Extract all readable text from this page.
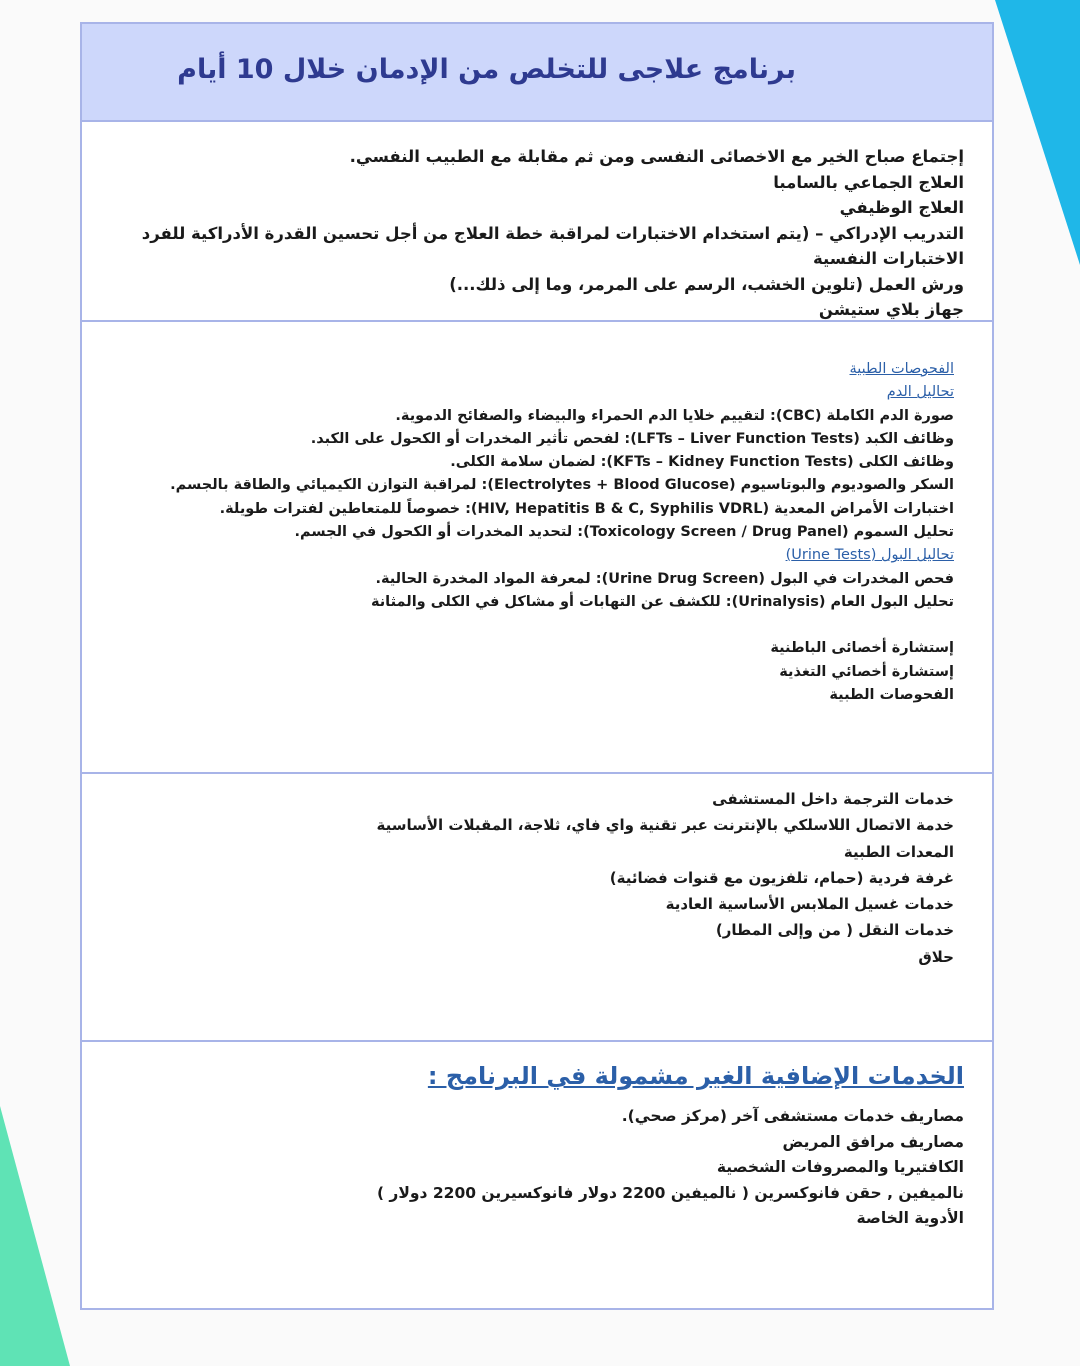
برنامج علاجى للتخلص من الإدمان خلال 10 أيام
إجتماع صباح الخير مع الاخصائى النفسى ومن ثم مقابلة مع الطبيب النفسي.
العلاج الجماعي بالسامبا
العلاج الوظيفي
التدريب الإدراكي – (يتم استخدام الاختبارات لمراقبة خطة العلاج من أجل تحسين القدرة الأدراكية للفرد
الاختبارات النفسية
ورش العمل (تلوين الخشب، الرسم على المرمر، وما إلى ذلك...)
جهاز بلاي ستيشن
الفحوصات الطبية
تحاليل الدم
صورة الدم الكاملة (CBC): لتقييم خلايا الدم الحمراء والبيضاء والصفائح الدموية.
وظائف الكبد (LFTs – Liver Function Tests): لفحص تأثير المخدرات أو الكحول على الكبد.
وظائف الكلى (KFTs – Kidney Function Tests): لضمان سلامة الكلى.
السكر والصوديوم والبوتاسيوم (Electrolytes + Blood Glucose): لمراقبة التوازن الكيميائي والطاقة بالجسم.
اختبارات الأمراض المعدية (HIV, Hepatitis B & C, Syphilis VDRL): خصوصاً للمتعاطين لفترات طويلة.
تحليل السموم (Toxicology Screen / Drug Panel): لتحديد المخدرات أو الكحول في الجسم.
تحاليل البول (Urine Tests)
فحص المخدرات في البول (Urine Drug Screen): لمعرفة المواد المخدرة الحالية.
تحليل البول العام (Urinalysis): للكشف عن التهابات أو مشاكل في الكلى والمثانة
إستشارة أخصائى الباطنية
إستشارة أخصائي التغذية
الفحوصات الطبية
خدمات الترجمة داخل المستشفى
خدمة الاتصال اللاسلكي بالإنترنت عبر تقنية واي فاي، ثلاجة، المقبلات الأساسية
المعدات الطبية
غرفة فردية (حمام، تلفزيون مع قنوات فضائية)
خدمات غسيل الملابس الأساسية العادية
خدمات النقل ( من وإلى المطار)
حلاق
الخدمات الإضافية الغير مشمولة في البرنامج :
مصاريف خدمات مستشفى آخر (مركز صحي).
مصاريف مرافق المريض
الكافتيريا والمصروفات الشخصية
نالميفين , حقن فانوكسرين ( نالميفين 2200 دولار فانوكسيرين 2200 دولار )
الأدوية الخاصة
